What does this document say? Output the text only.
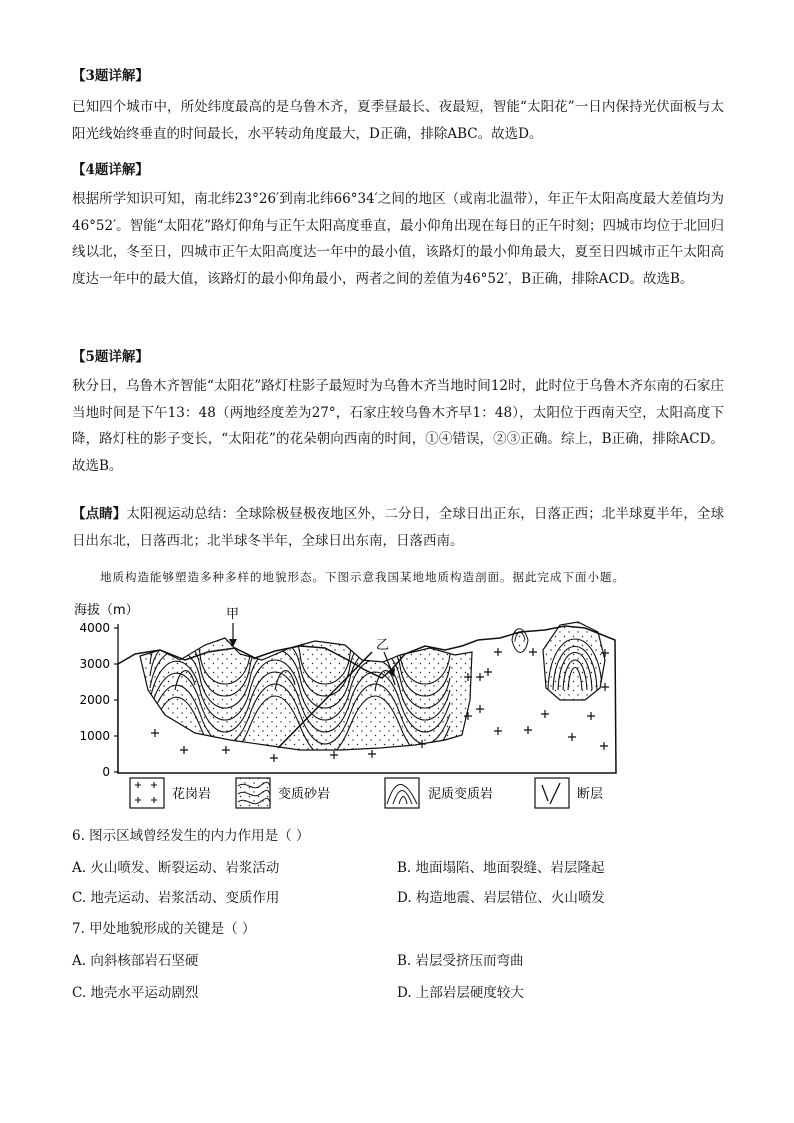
【3题详解】

已知四个城市中，所处纬度最高的是乌鲁木齐，夏季昼最长、夜最短，智能“太阳花”一日内保持光伏面板与太阳光线始终垂直的时间最长，水平转动角度最大，D正确，排除ABC。故选D。

【4题详解】

根据所学知识可知，南北纬23°26′到南北纬66°34′之间的地区（或南北温带），年正午太阳高度最大差值均为46°52′。智能“太阳花”路灯仰角与正午太阳高度垂直，最小仰角出现在每日的正午时刻；四城市均位于北回归线以北，冬至日，四城市正午太阳高度达一年中的最小值，该路灯的最小仰角最大，夏至日四城市正午太阳高度达一年中的最大值，该路灯的最小仰角最小，两者之间的差值为46°52′，B正确，排除ACD。故选B。

【5题详解】

秋分日，乌鲁木齐智能“太阳花”路灯柱影子最短时为乌鲁木齐当地时间12时，此时位于乌鲁木齐东南的石家庄当地时间是下午13：48（两地经度差为27°，石家庄较乌鲁木齐早1：48），太阳位于西南天空，太阳高度下降，路灯柱的影子变长，“太阳花”的花朵朝向西南的时间，①④错误，②③正确。综上，B正确，排除ACD。故选B。

【点睛】太阳视运动总结：全球除极昼极夜地区外，二分日，全球日出正东，日落正西；北半球夏半年，全球日出东北，日落西北；北半球冬半年，全球日出东南，日落西南。

地质构造能够塑造多种多样的地貌形态。下图示意我国某地地质构造剖面。据此完成下面小题。
海拔（m）
4000
3000
2000
1000
0
甲
乙
花岗岩	变质砂岩	泥质变质岩	断层
6. 图示区域曾经发生的内力作用是（ ）
A. 火山喷发、断裂运动、岩浆活动	B. 地面塌陷、地面裂缝、岩层隆起
C. 地壳运动、岩浆活动、变质作用	D. 构造地震、岩层错位、火山喷发
7. 甲处地貌形成的关键是（ ）
A. 向斜核部岩石坚硬	B. 岩层受挤压而弯曲
C. 地壳水平运动剧烈	D. 上部岩层硬度较大
